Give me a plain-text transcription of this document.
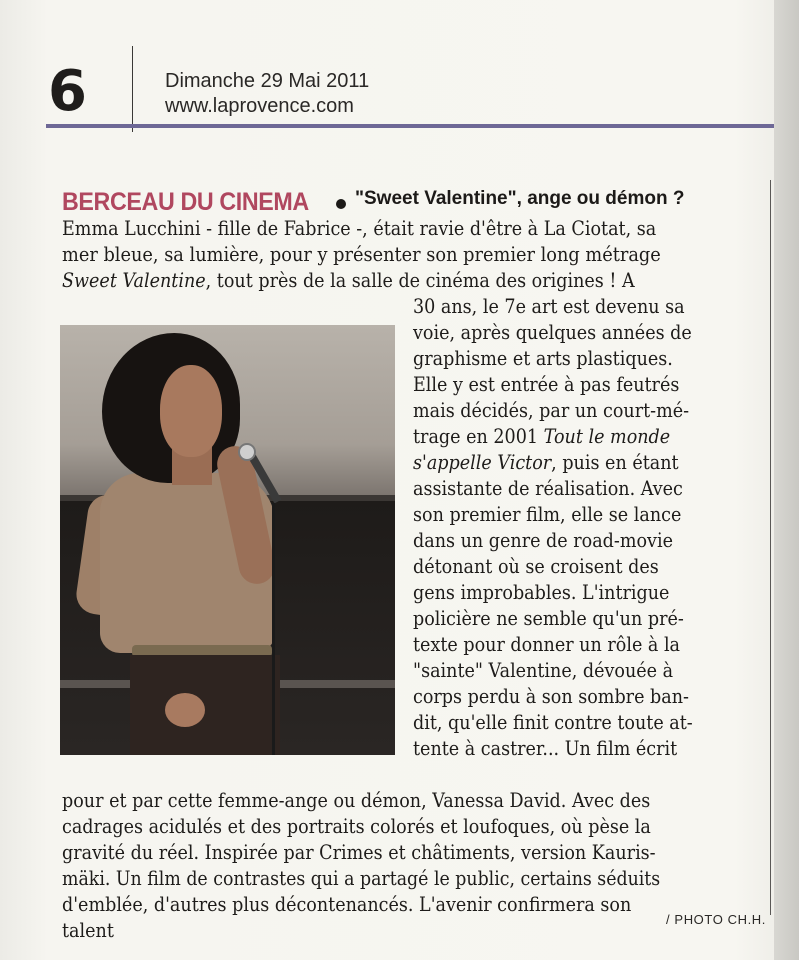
6	Dimanche 29 Mai 2011
www.laprovence.com
BERCEAU DU CINEMA "Sweet Valentine", ange ou démon ?
Emma Lucchini - fille de Fabrice -, était ravie d'être à La Ciotat, sa
mer bleue, sa lumière, pour y présenter son premier long métrage
Sweet Valentine, tout près de la salle de cinéma des origines ! A
30 ans, le 7e art est devenu sa
voie, après quelques années de
graphisme et arts plastiques.
Elle y est entrée à pas feutrés
mais décidés, par un court-mé-
trage en 2001 Tout le monde
s'appelle Victor, puis en étant
assistante de réalisation. Avec
son premier film, elle se lance
dans un genre de road-movie
détonant où se croisent des
gens improbables. L'intrigue
policière ne semble qu'un pré-
texte pour donner un rôle à la
"sainte" Valentine, dévouée à
corps perdu à son sombre ban-
dit, qu'elle finit contre toute at-
tente à castrer... Un film écrit
pour et par cette femme-ange ou démon, Vanessa David. Avec des
cadrages acidulés et des portraits colorés et loufoques, où pèse la
gravité du réel. Inspirée par Crimes et châtiments, version Kauris-
mäki. Un film de contrastes qui a partagé le public, certains séduits
d'emblée, d'autres plus décontenancés. L'avenir confirmera son
talent	/ PHOTO CH.H.
